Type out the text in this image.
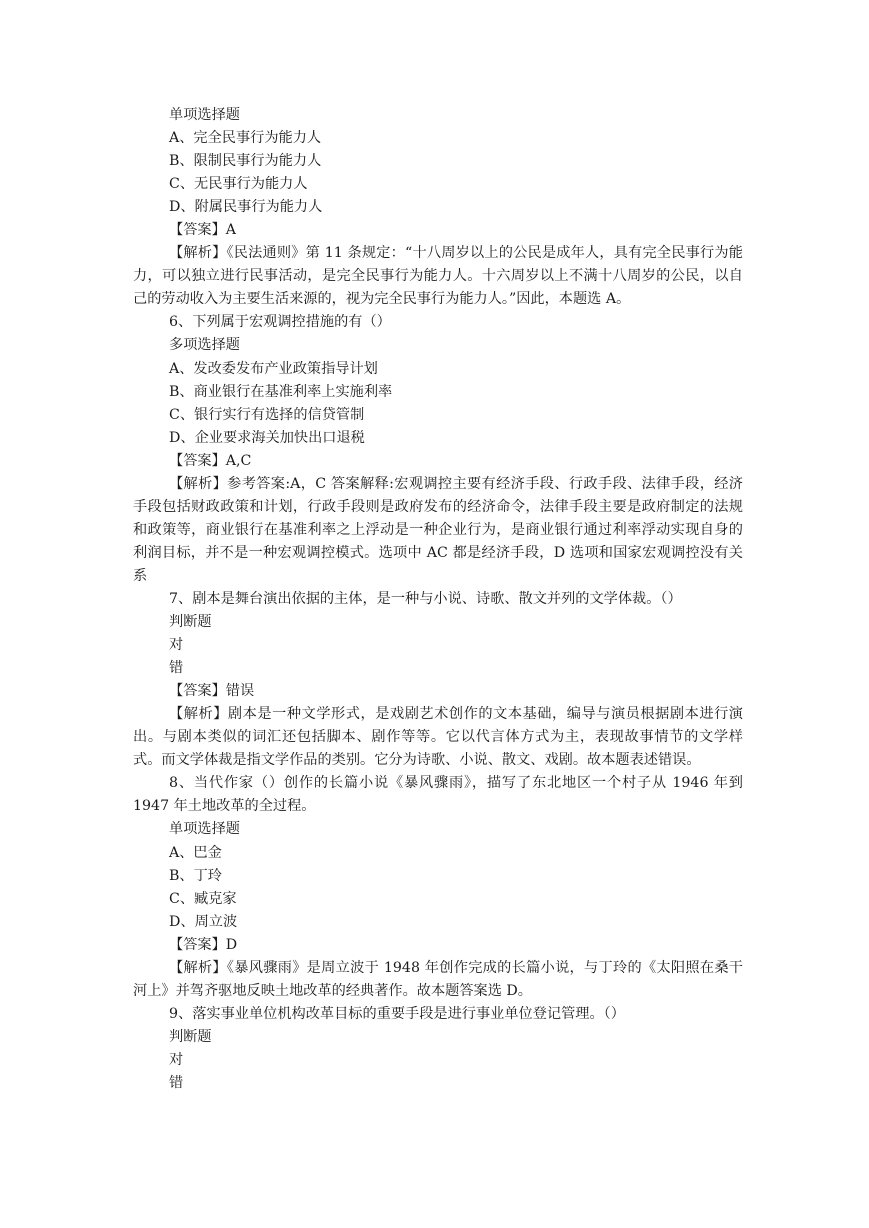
单项选择题
A、完全民事行为能力人
B、限制民事行为能力人
C、无民事行为能力人
D、附属民事行为能力人
【答案】A
【解析】《民法通则》第 11 条规定：“十八周岁以上的公民是成年人，具有完全民事行为能力，可以独立进行民事活动，是完全民事行为能力人。十六周岁以上不满十八周岁的公民，以自己的劳动收入为主要生活来源的，视为完全民事行为能力人。”因此，本题选 A。
6、下列属于宏观调控措施的有（）
多项选择题
A、发改委发布产业政策指导计划
B、商业银行在基准利率上实施利率
C、银行实行有选择的信贷管制
D、企业要求海关加快出口退税
【答案】A,C
【解析】参考答案:A，C 答案解释:宏观调控主要有经济手段、行政手段、法律手段，经济手段包括财政政策和计划，行政手段则是政府发布的经济命令，法律手段主要是政府制定的法规和政策等，商业银行在基准利率之上浮动是一种企业行为，是商业银行通过利率浮动实现自身的利润目标，并不是一种宏观调控模式。选项中 AC 都是经济手段，D 选项和国家宏观调控没有关系
7、剧本是舞台演出依据的主体，是一种与小说、诗歌、散文并列的文学体裁。（）
判断题
对
错
【答案】错误
【解析】剧本是一种文学形式，是戏剧艺术创作的文本基础，编导与演员根据剧本进行演出。与剧本类似的词汇还包括脚本、剧作等等。它以代言体方式为主，表现故事情节的文学样式。而文学体裁是指文学作品的类别。它分为诗歌、小说、散文、戏剧。故本题表述错误。
8、当代作家（）创作的长篇小说《暴风骤雨》，描写了东北地区一个村子从 1946 年到 1947 年土地改革的全过程。
单项选择题
A、巴金
B、丁玲
C、臧克家
D、周立波
【答案】D
【解析】《暴风骤雨》是周立波于 1948 年创作完成的长篇小说，与丁玲的《太阳照在桑干河上》并驾齐驱地反映土地改革的经典著作。故本题答案选 D。
9、落实事业单位机构改革目标的重要手段是进行事业单位登记管理。（）
判断题
对
错
